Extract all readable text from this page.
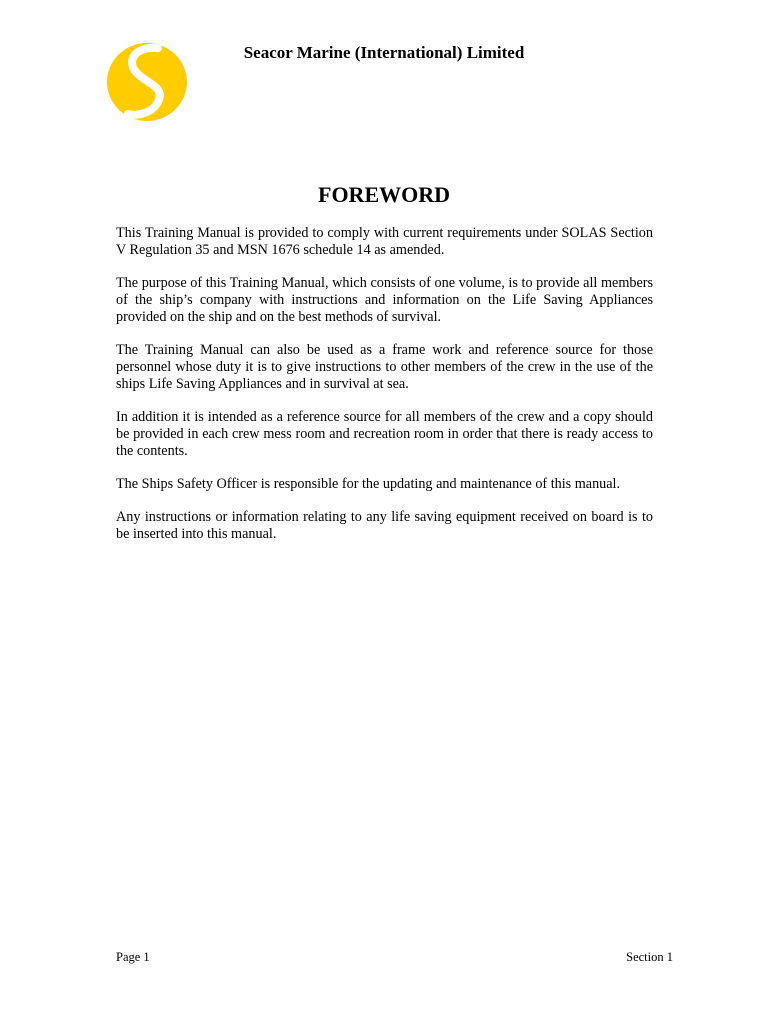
Seacor Marine (International) Limited
FOREWORD

This Training Manual is provided to comply with current requirements under SOLAS Section V Regulation 35 and MSN 1676 schedule 14 as amended.

The purpose of this Training Manual, which consists of one volume, is to provide all members of the ship’s company with instructions and information on the Life Saving Appliances provided on the ship and on the best methods of survival.

The Training Manual can also be used as a frame work and reference source for those personnel whose duty it is to give instructions to other members of the crew in the use of the ships Life Saving Appliances and in survival at sea.

In addition it is intended as a reference source for all members of the crew and a copy should be provided in each crew mess room and recreation room in order that there is ready access to the contents.

The Ships Safety Officer is responsible for the updating and maintenance of this manual.

Any instructions or information relating to any life saving equipment received on board is to be inserted into this manual.

Page 1	Section 1
